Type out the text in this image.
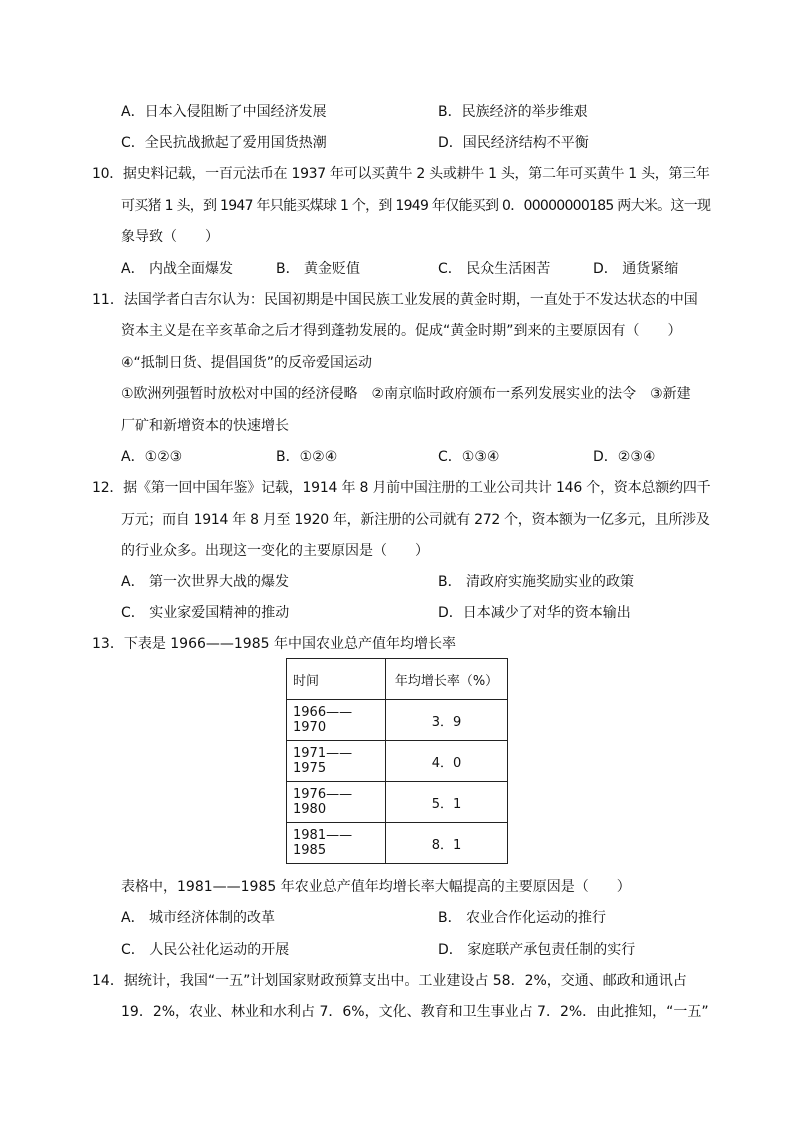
A．日本入侵阻断了中国经济发展	B．民族经济的举步维艰
C．全民抗战掀起了爱用国货热潮	D．国民经济结构不平衡
10．据史料记载，一百元法币在 1937 年可以买黄牛 2 头或耕牛 1 头，第二年可买黄牛 1 头，第三年
可买猪 1 头，到 1947 年只能买煤球 1 个，到 1949 年仅能买到 0．00000000185 两大米。这一现
象导致（　　）
A． 内战全面爆发	B． 黄金贬值	C． 民众生活困苦	D． 通货紧缩
11．法国学者白吉尔认为：民国初期是中国民族工业发展的黄金时期，一直处于不发达状态的中国
资本主义是在辛亥革命之后才得到蓬勃发展的。促成“黄金时期”到来的主要原因有（　　）
④“抵制日货、提倡国货”的反帝爱国运动
①欧洲列强暂时放松对中国的经济侵略　②南京临时政府颁布一系列发展实业的法令　③新建
厂矿和新增资本的快速增长
A．①②③	B．①②④	C．①③④	D．②③④
12．据《第一回中国年鉴》记载，1914 年 8 月前中国注册的工业公司共计 146 个，资本总额约四千
万元；而自 1914 年 8 月至 1920 年，新注册的公司就有 272 个，资本额为一亿多元，且所涉及
的行业众多。出现这一变化的主要原因是（　　）
A． 第一次世界大战的爆发	B． 清政府实施奖励实业的政策
C． 实业家爱国精神的推动	D．日本减少了对华的资本输出
13．下表是 1966——1985 年中国农业总产值年均增长率
时间	年均增长率（%）
1966——1970	3．9
1971——1975	4．0
1976——1980	5．1
1981——1985	8．1
表格中，1981——1985 年农业总产值年均增长率大幅提高的主要原因是（　　）
A． 城市经济体制的改革	B． 农业合作化运动的推行
C． 人民公社化运动的开展	D． 家庭联产承包责任制的实行
14．据统计，我国“一五”计划国家财政预算支出中。工业建设占 58．2%，交通、邮政和通讯占
19．2%，农业、林业和水利占 7．6%，文化、教育和卫生事业占 7．2%．由此推知，“一五”
